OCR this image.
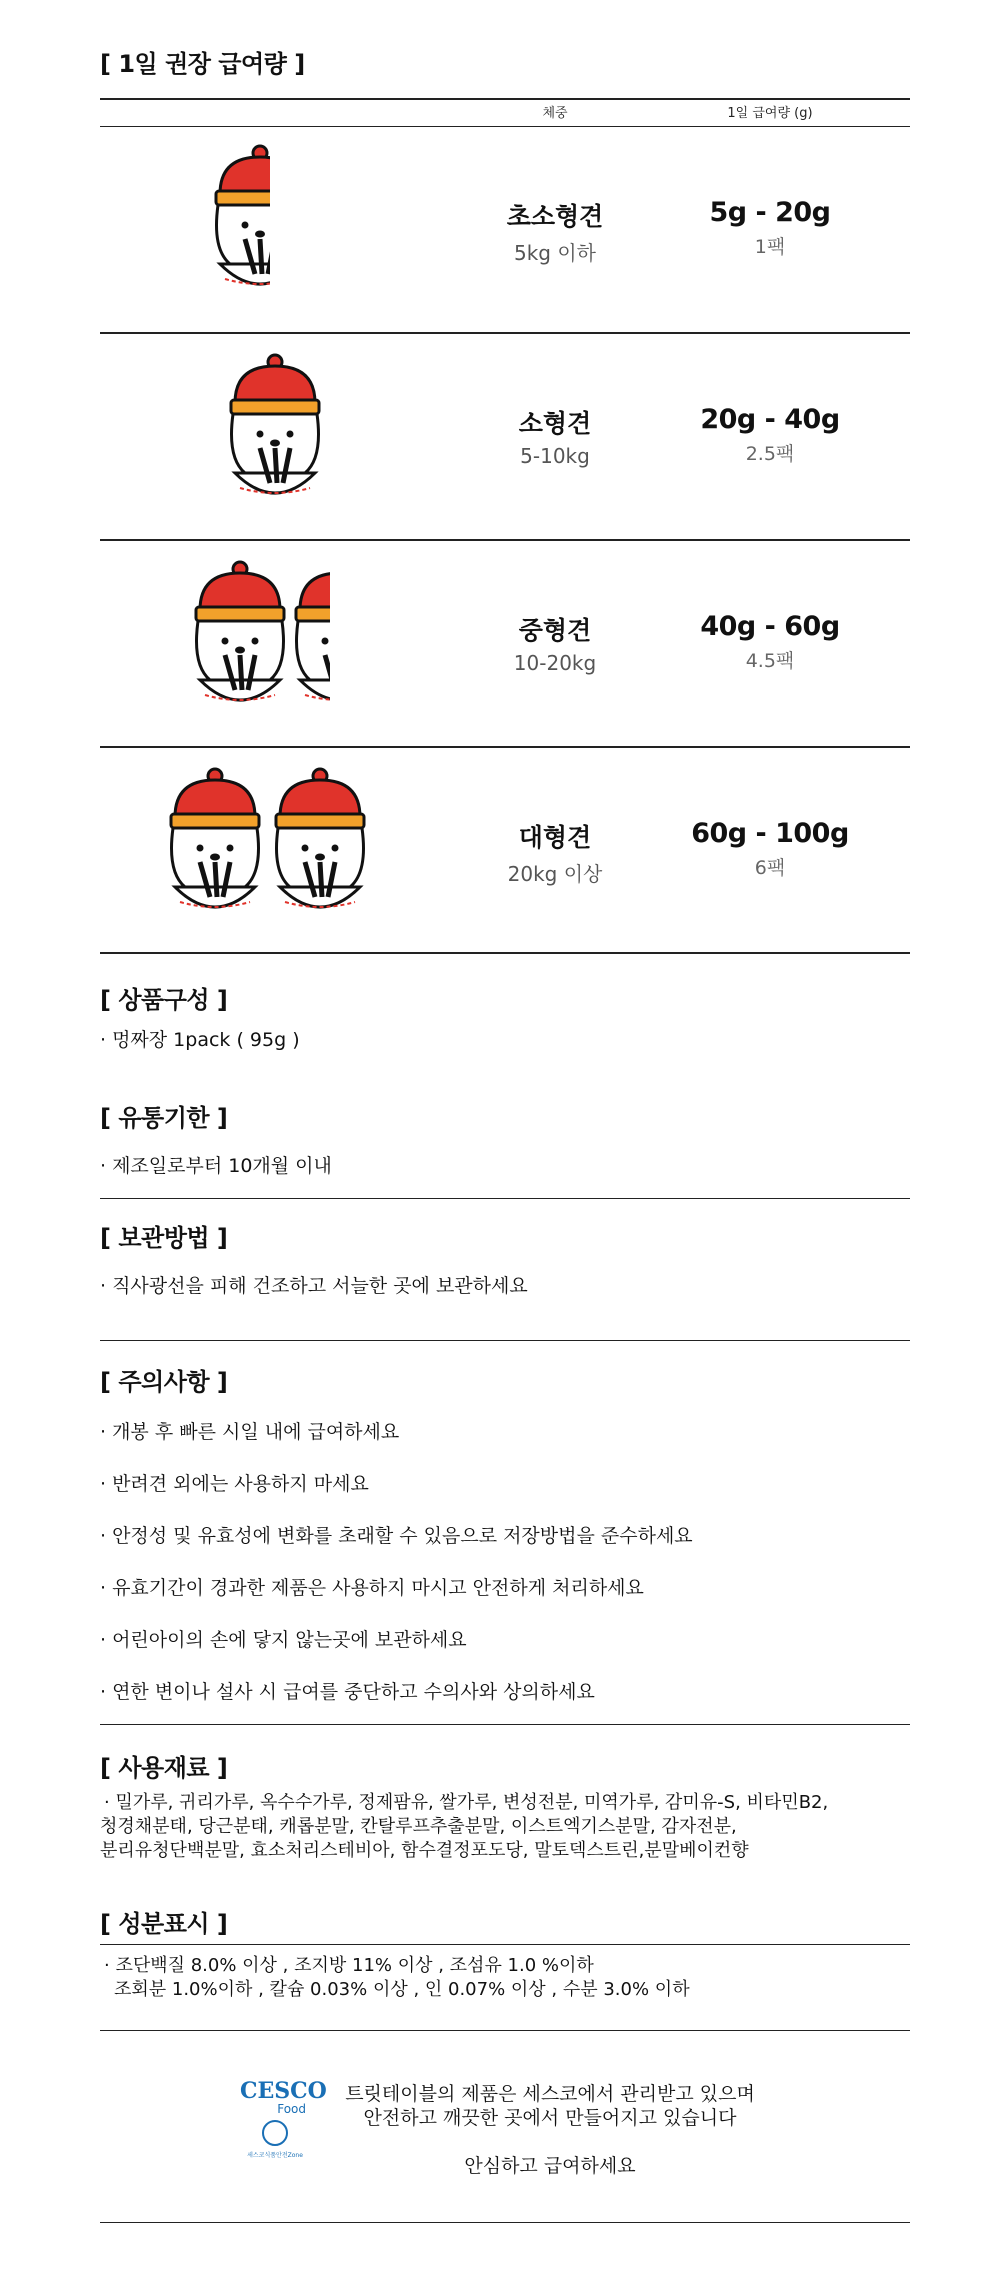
[ 1일 권장 급여량 ]
체중	1일 급여량 (g)
초소형견
5kg 이하
5g - 20g
1팩
소형견
5-10kg
20g - 40g
2.5팩
중형견
10-20kg
40g - 60g
4.5팩
대형견
20kg 이상
60g - 100g
6팩
[ 상품구성 ]
· 멍짜장 1pack ( 95g )
[ 유통기한 ]
· 제조일로부터 10개월 이내
[ 보관방법 ]
· 직사광선을 피해 건조하고 서늘한 곳에 보관하세요
[ 주의사항 ]
· 개봉 후 빠른 시일 내에 급여하세요
· 반려견 외에는 사용하지 마세요
· 안정성 및 유효성에 변화를 초래할 수 있음으로 저장방법을 준수하세요
· 유효기간이 경과한 제품은 사용하지 마시고 안전하게 처리하세요
· 어린아이의 손에 닿지 않는곳에 보관하세요
· 연한 변이나 설사 시 급여를 중단하고 수의사와 상의하세요
[ 사용재료 ]
· 밀가루, 귀리가루, 옥수수가루, 정제팜유, 쌀가루, 변성전분, 미역가루, 감미유-S, 비타민B2,
청경채분태, 당근분태, 캐롭분말, 칸탈루프추출분말, 이스트엑기스분말, 감자전분,
분리유청단백분말, 효소처리스테비아, 함수결정포도당, 말토덱스트린,분말베이컨향
[ 성분표시 ]
· 조단백질 8.0% 이상 , 조지방 11% 이상 , 조섬유 1.0 %이하
조회분 1.0%이하 , 칼슘 0.03% 이상 , 인 0.07% 이상 , 수분 3.0% 이하
CESCO
Food
세스코식품안전Zone
트릿테이블의 제품은 세스코에서 관리받고 있으며
안전하고 깨끗한 곳에서 만들어지고 있습니다
안심하고 급여하세요
